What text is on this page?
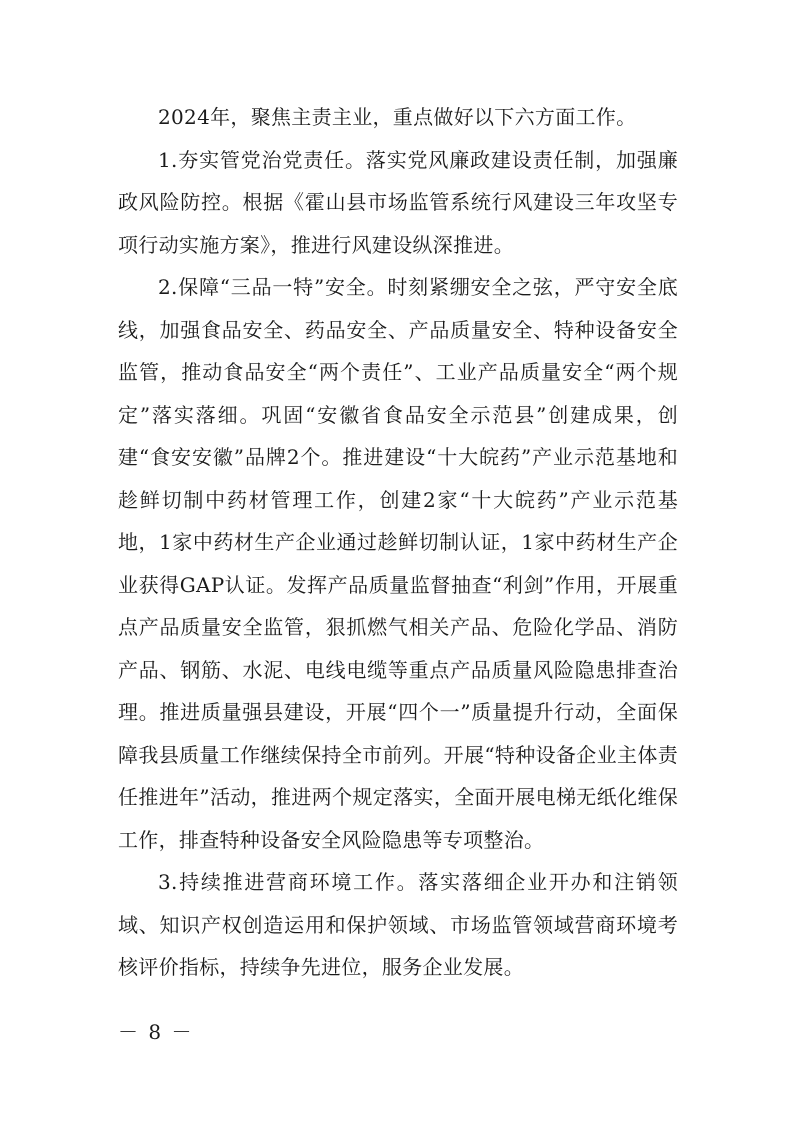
2024年，聚焦主责主业，重点做好以下六方面工作。

1.夯实管党治党责任。落实党风廉政建设责任制，加强廉政风险防控。根据《霍山县市场监管系统行风建设三年攻坚专项行动实施方案》，推进行风建设纵深推进。

2.保障“三品一特”安全。时刻紧绷安全之弦，严守安全底线，加强食品安全、药品安全、产品质量安全、特种设备安全监管，推动食品安全“两个责任”、工业产品质量安全“两个规定”落实落细。巩固“安徽省食品安全示范县”创建成果，创建“食安安徽”品牌2个。推进建设“十大皖药”产业示范基地和趁鲜切制中药材管理工作，创建2家“十大皖药”产业示范基地，1家中药材生产企业通过趁鲜切制认证，1家中药材生产企业获得GAP认证。发挥产品质量监督抽查“利剑”作用，开展重点产品质量安全监管，狠抓燃气相关产品、危险化学品、消防产品、钢筋、水泥、电线电缆等重点产品质量风险隐患排查治理。推进质量强县建设，开展“四个一”质量提升行动，全面保障我县质量工作继续保持全市前列。开展“特种设备企业主体责任推进年”活动，推进两个规定落实，全面开展电梯无纸化维保工作，排查特种设备安全风险隐患等专项整治。

3.持续推进营商环境工作。落实落细企业开办和注销领域、知识产权创造运用和保护领域、市场监管领域营商环境考核评价指标，持续争先进位，服务企业发展。

－ 8 －
